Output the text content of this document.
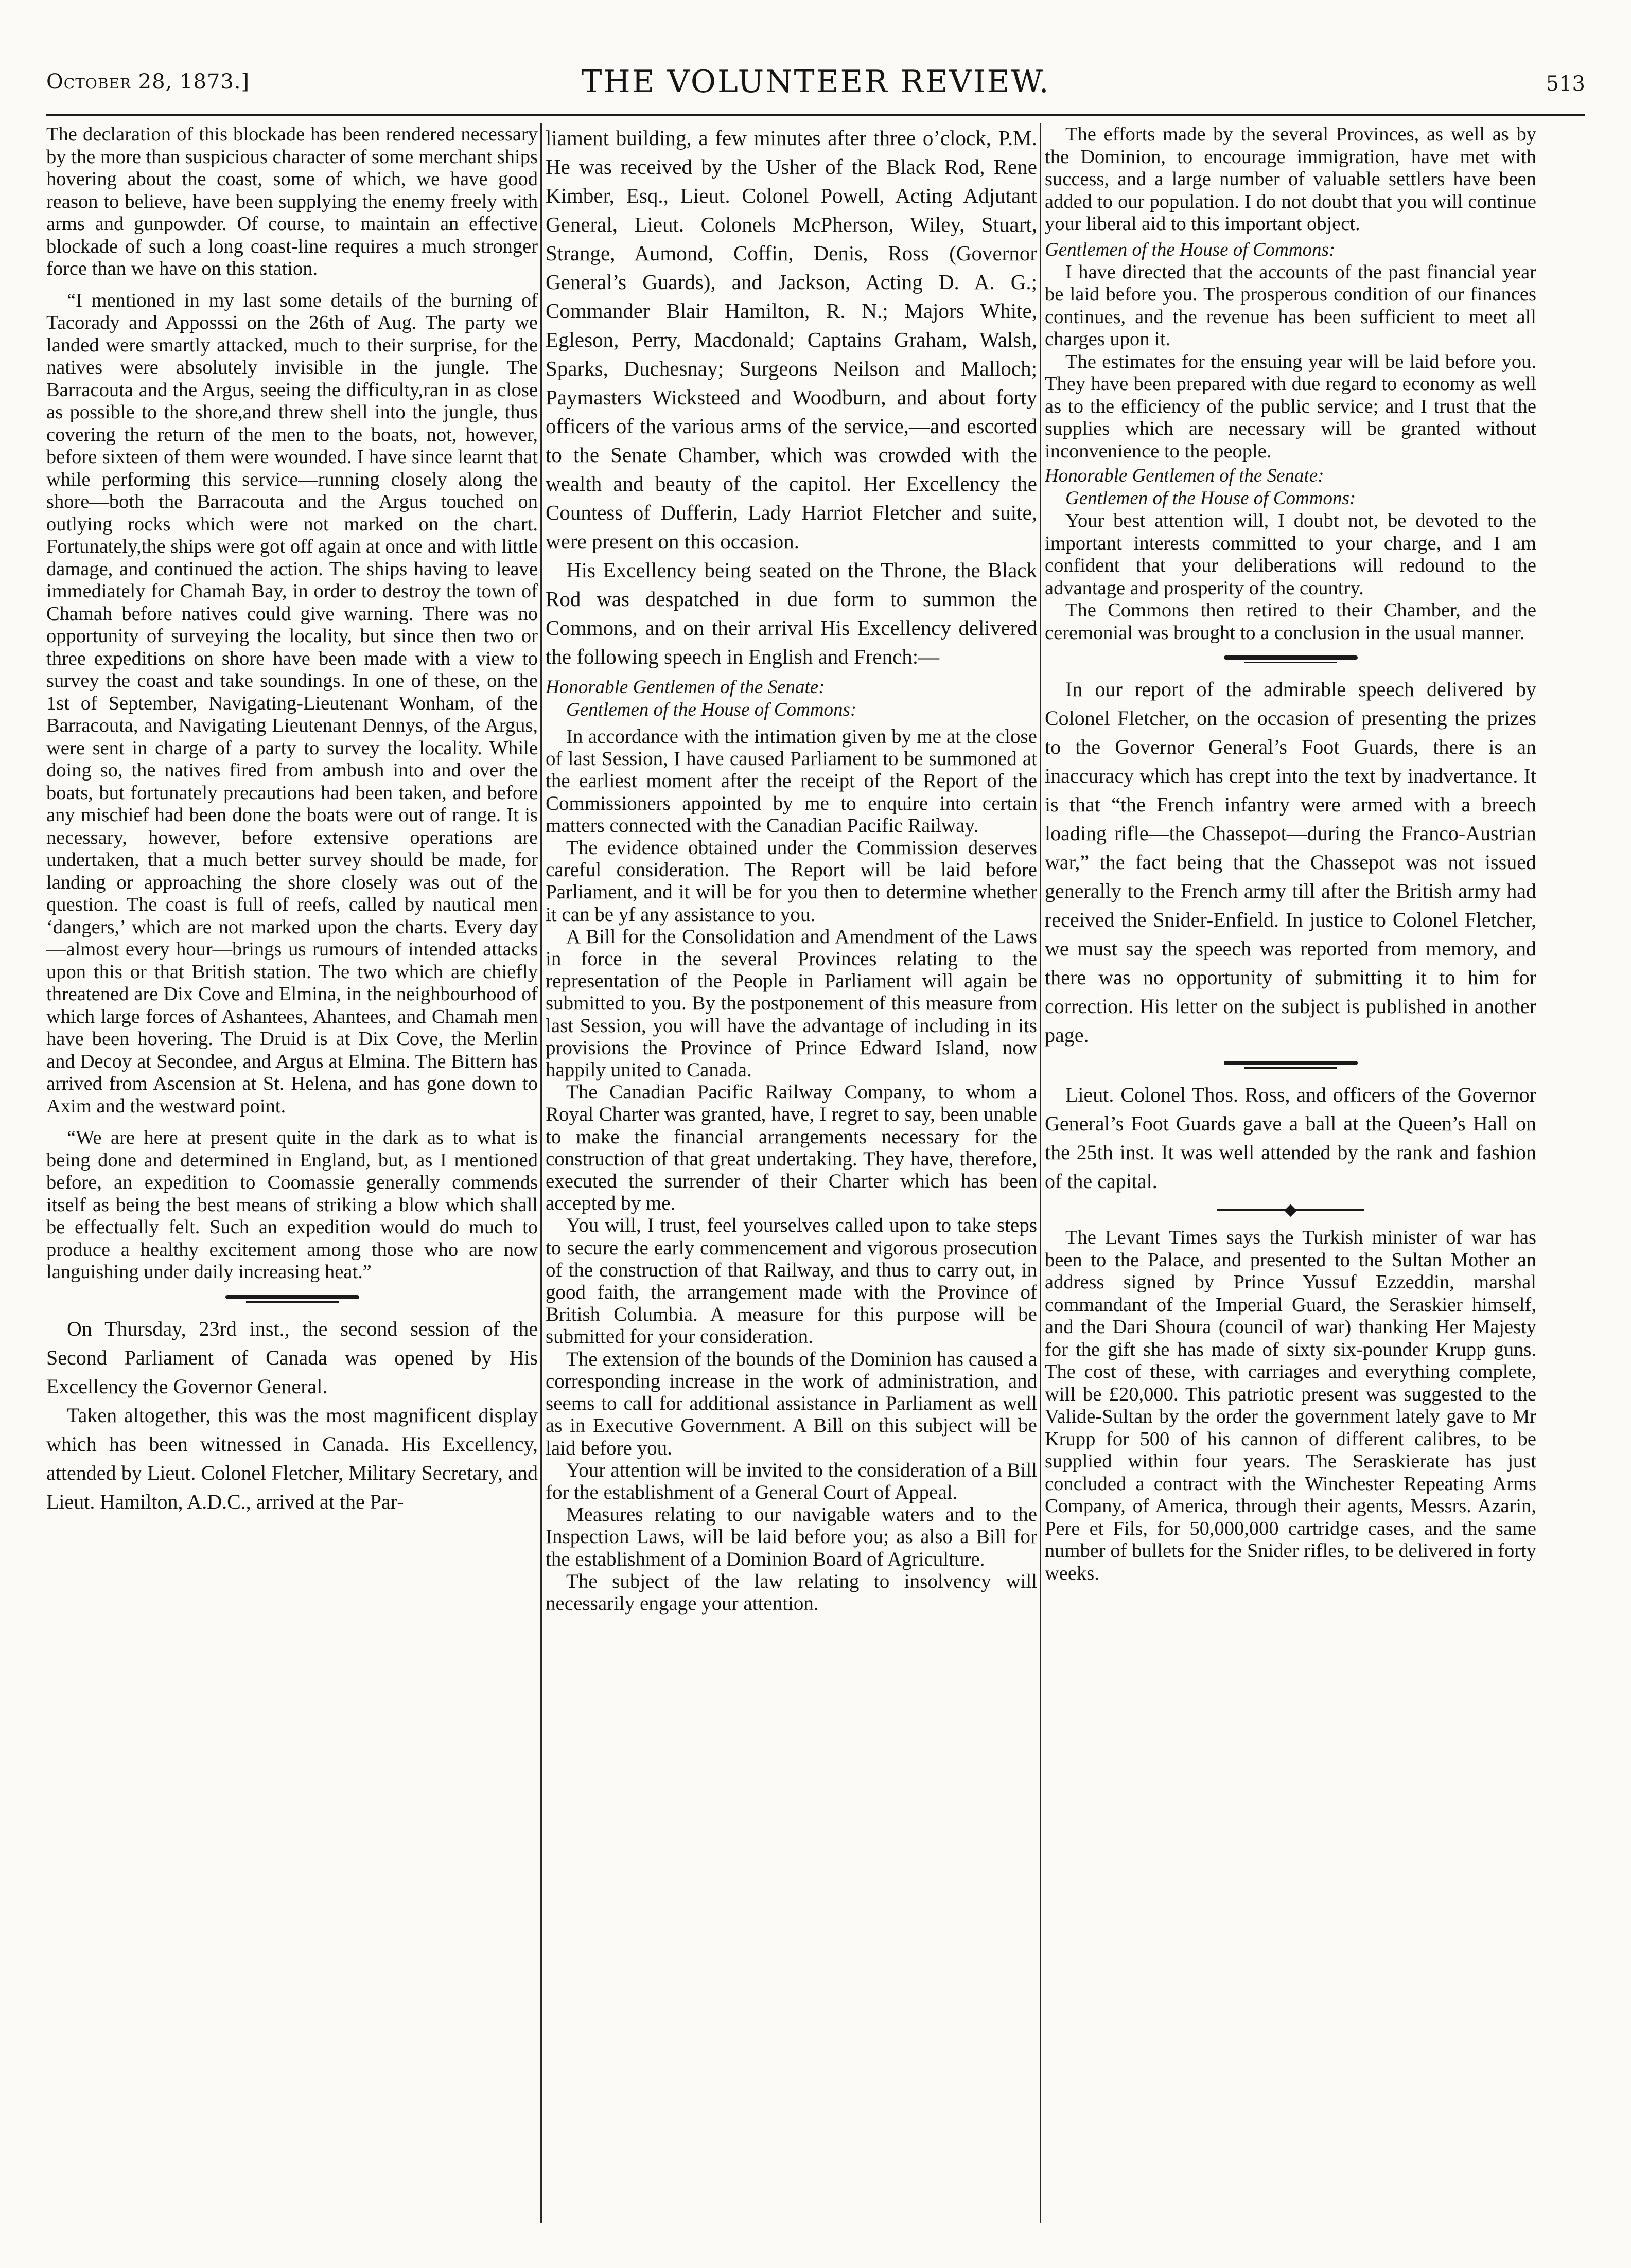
October 28, 1873.]	THE VOLUNTEER REVIEW.	513

The declaration of this blockade has been rendered necessary by the more than suspicious character of some merchant ships hovering about the coast, some of which, we have good reason to believe, have been supplying the enemy freely with arms and gunpowder. Of course, to maintain an effective blockade of such a long coast-line requires a much stronger force than we have on this station.

“I mentioned in my last some details of the burning of Tacorady and Apposssi on the 26th of Aug. The party we landed were smartly attacked, much to their surprise, for the natives were absolutely invisible in the jungle. The Barracouta and the Argus, seeing the difficulty,ran in as close as possible to the shore,and threw shell into the jungle, thus covering the return of the men to the boats, not, however, before sixteen of them were wounded. I have since learnt that while performing this service—running closely along the shore—both the Barracouta and the Argus touched on outlying rocks which were not marked on the chart. Fortunately,the ships were got off again at once and with little damage, and continued the action. The ships having to leave immediately for Chamah Bay, in order to destroy the town of Chamah before natives could give warning. There was no opportunity of surveying the locality, but since then two or three expeditions on shore have been made with a view to survey the coast and take soundings. In one of these, on the 1st of September, Navigating-Lieutenant Wonham, of the Barracouta, and Navigating Lieutenant Dennys, of the Argus, were sent in charge of a party to survey the locality. While doing so, the natives fired from ambush into and over the boats, but fortunately precautions had been taken, and before any mischief had been done the boats were out of range. It is necessary, however, before extensive operations are undertaken, that a much better survey should be made, for landing or approaching the shore closely was out of the question. The coast is full of reefs, called by nautical men ‘dangers,’ which are not marked upon the charts. Every day—almost every hour—brings us rumours of intended attacks upon this or that British station. The two which are chiefly threatened are Dix Cove and Elmina, in the neighbourhood of which large forces of Ashantees, Ahantees, and Chamah men have been hovering. The Druid is at Dix Cove, the Merlin and Decoy at Secondee, and Argus at Elmina. The Bittern has arrived from Ascension at St. Helena, and has gone down to Axim and the westward point.

“We are here at present quite in the dark as to what is being done and determined in England, but, as I mentioned before, an expedition to Coomassie generally commends itself as being the best means of striking a blow which shall be effectually felt. Such an expedition would do much to produce a healthy excitement among those who are now languishing under daily increasing heat.”

On Thursday, 23rd inst., the second session of the Second Parliament of Canada was opened by His Excellency the Governor General.

Taken altogether, this was the most magnificent display which has been witnessed in Canada. His Excellency, attended by Lieut. Colonel Fletcher, Military Secretary, and Lieut. Hamilton, A.D.C., arrived at the Par-

liament building, a few minutes after three o’clock, P.M. He was received by the Usher of the Black Rod, Rene Kimber, Esq., Lieut. Colonel Powell, Acting Adjutant General, Lieut. Colonels McPherson, Wiley, Stuart, Strange, Aumond, Coffin, Denis, Ross (Governor General’s Guards), and Jackson, Acting D. A. G.; Commander Blair Hamilton, R. N.; Majors White, Egleson, Perry, Macdonald; Captains Graham, Walsh, Sparks, Duchesnay; Surgeons Neilson and Malloch; Paymasters Wicksteed and Woodburn, and about forty officers of the various arms of the service,—and escorted to the Senate Chamber, which was crowded with the wealth and beauty of the capitol. Her Excellency the Countess of Dufferin, Lady Harriot Fletcher and suite, were present on this occasion.

His Excellency being seated on the Throne, the Black Rod was despatched in due form to summon the Commons, and on their arrival His Excellency delivered the following speech in English and French:—

Honorable Gentlemen of the Senate:

Gentlemen of the House of Commons:

In accordance with the intimation given by me at the close of last Session, I have caused Parliament to be summoned at the earliest moment after the receipt of the Report of the Commissioners appointed by me to enquire into certain matters connected with the Canadian Pacific Railway.

The evidence obtained under the Commission deserves careful consideration. The Report will be laid before Parliament, and it will be for you then to determine whether it can be yf any assistance to you.

A Bill for the Consolidation and Amendment of the Laws in force in the several Provinces relating to the representation of the People in Parliament will again be submitted to you. By the postponement of this measure from last Session, you will have the advantage of including in its provisions the Province of Prince Edward Island, now happily united to Canada.

The Canadian Pacific Railway Company, to whom a Royal Charter was granted, have, I regret to say, been unable to make the financial arrangements necessary for the construction of that great undertaking. They have, therefore, executed the surrender of their Charter which has been accepted by me.

You will, I trust, feel yourselves called upon to take steps to secure the early commencement and vigorous prosecution of the construction of that Railway, and thus to carry out, in good faith, the arrangement made with the Province of British Columbia. A measure for this purpose will be submitted for your consideration.

The extension of the bounds of the Dominion has caused a corresponding increase in the work of administration, and seems to call for additional assistance in Parliament as well as in Executive Government. A Bill on this subject will be laid before you.

Your attention will be invited to the consideration of a Bill for the establishment of a General Court of Appeal.

Measures relating to our navigable waters and to the Inspection Laws, will be laid before you; as also a Bill for the establishment of a Dominion Board of Agriculture.

The subject of the law relating to insolvency will necessarily engage your attention.

The efforts made by the several Provinces, as well as by the Dominion, to encourage immigration, have met with success, and a large number of valuable settlers have been added to our population. I do not doubt that you will continue your liberal aid to this important object.

Gentlemen of the House of Commons:

I have directed that the accounts of the past financial year be laid before you. The prosperous condition of our finances continues, and the revenue has been sufficient to meet all charges upon it.

The estimates for the ensuing year will be laid before you. They have been prepared with due regard to economy as well as to the efficiency of the public service; and I trust that the supplies which are necessary will be granted without inconvenience to the people.

Honorable Gentlemen of the Senate:

Gentlemen of the House of Commons:

Your best attention will, I doubt not, be devoted to the important interests committed to your charge, and I am confident that your deliberations will redound to the advantage and prosperity of the country.

The Commons then retired to their Chamber, and the ceremonial was brought to a conclusion in the usual manner.

In our report of the admirable speech delivered by Colonel Fletcher, on the occasion of presenting the prizes to the Governor General’s Foot Guards, there is an inaccuracy which has crept into the text by inadvertance. It is that “the French infantry were armed with a breech loading rifle—the Chassepot—during the Franco-Austrian war,” the fact being that the Chassepot was not issued generally to the French army till after the British army had received the Snider-Enfield. In justice to Colonel Fletcher, we must say the speech was reported from memory, and there was no opportunity of submitting it to him for correction. His letter on the subject is published in another page.

Lieut. Colonel Thos. Ross, and officers of the Governor General’s Foot Guards gave a ball at the Queen’s Hall on the 25th inst. It was well attended by the rank and fashion of the capital.

◆

The Levant Times says the Turkish minister of war has been to the Palace, and presented to the Sultan Mother an address signed by Prince Yussuf Ezzeddin, marshal commandant of the Imperial Guard, the Seraskier himself, and the Dari Shoura (council of war) thanking Her Majesty for the gift she has made of sixty six-pounder Krupp guns. The cost of these, with carriages and everything complete, will be £20,000. This patriotic present was suggested to the Valide-Sultan by the order the government lately gave to Mr Krupp for 500 of his cannon of different calibres, to be supplied within four years. The Seraskierate has just concluded a contract with the Winchester Repeating Arms Company, of America, through their agents, Messrs. Azarin, Pere et Fils, for 50,000,000 cartridge cases, and the same number of bullets for the Snider rifles, to be delivered in forty weeks.
